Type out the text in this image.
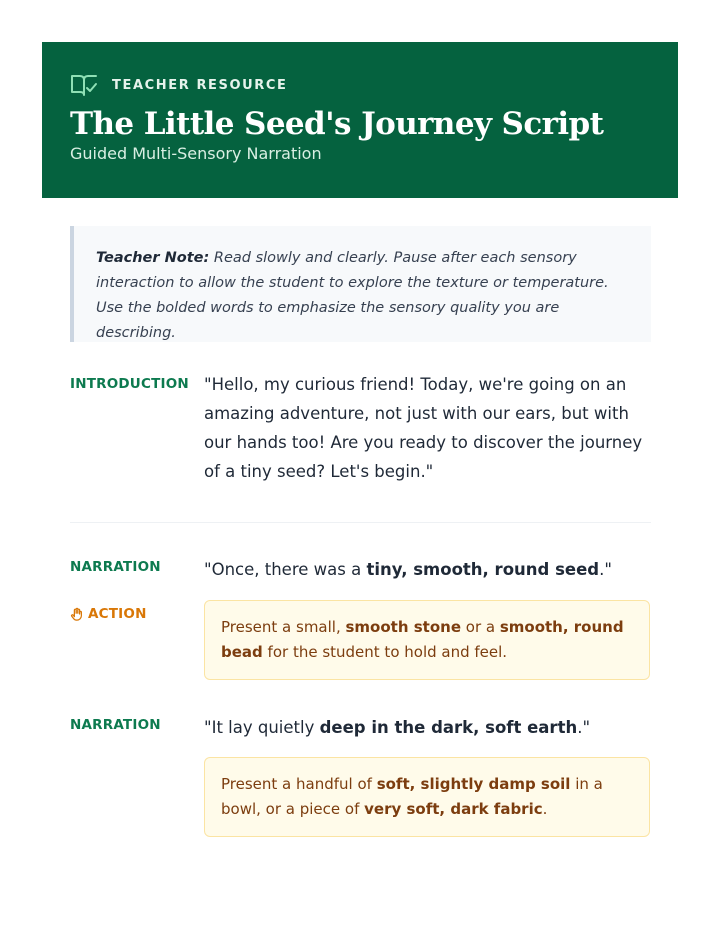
TEACHER RESOURCE
The Little Seed's Journey Script
Guided Multi-Sensory Narration
Teacher Note: Read slowly and clearly. Pause after each sensory interaction to allow the student to explore the texture or temperature. Use the bolded words to emphasize the sensory quality you are describing.
INTRODUCTION "Hello, my curious friend! Today, we're going on an amazing adventure, not just with our ears, but with our hands too! Are you ready to discover the journey of a tiny seed? Let's begin."
NARRATION	"Once, there was a tiny, smooth, round seed."
ACTION
Present a small, smooth stone or a smooth, round bead for the student to hold and feel.
NARRATION	"It lay quietly deep in the dark, soft earth."
Present a handful of soft, slightly damp soil in a bowl, or a piece of very soft, dark fabric.
